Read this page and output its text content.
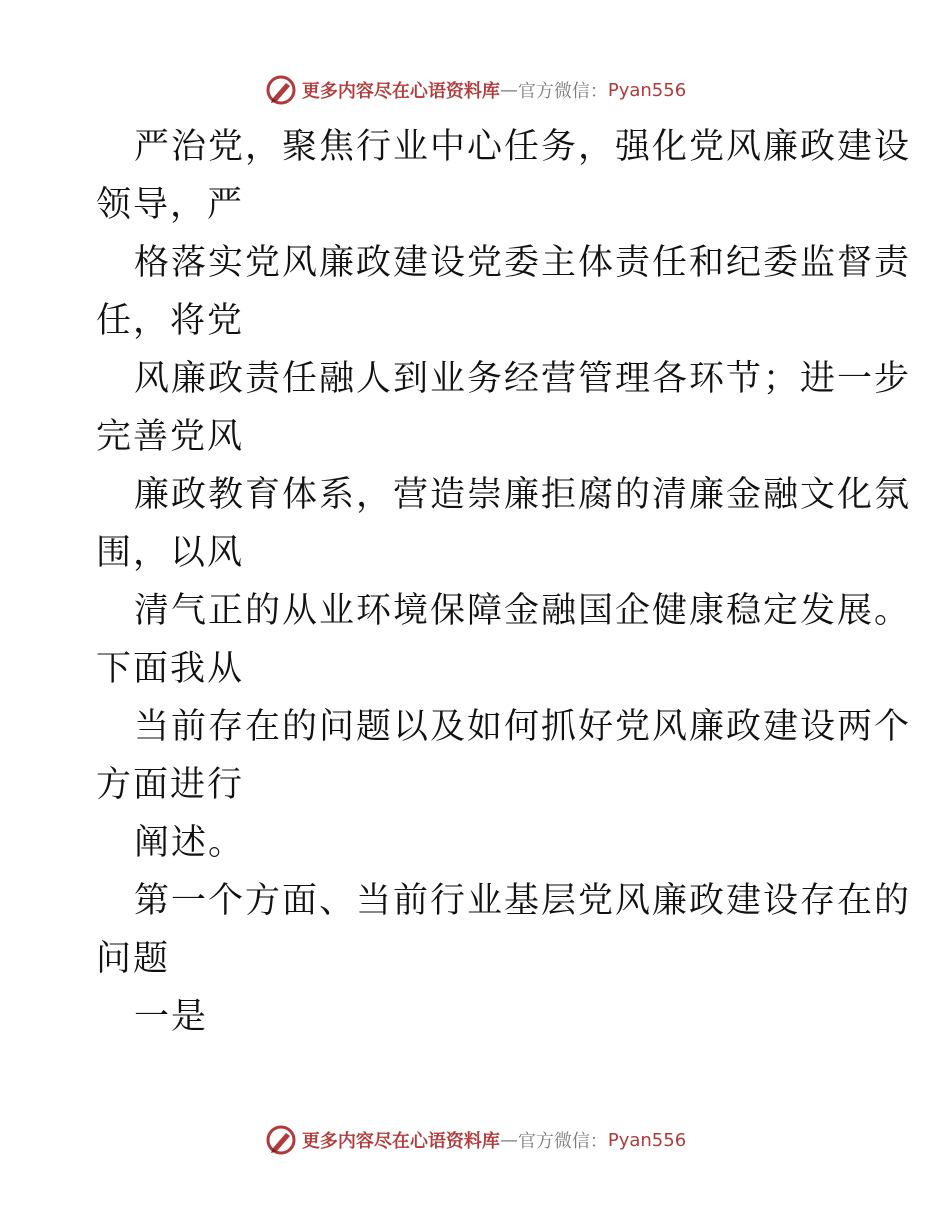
更多内容尽在心语资料库 — 官方微信： Pyan556
严治党，聚焦行业中心任务，强化党风廉政建设
领导，严
格落实党风廉政建设党委主体责任和纪委监督责
任，将党
风廉政责任融人到业务经营管理各环节；进一步
完善党风
廉政教育体系，营造崇廉拒腐的清廉金融文化氛
围，以风
清气正的从业环境保障金融国企健康稳定发展。
下面我从
当前存在的问题以及如何抓好党风廉政建设两个
方面进行
阐述。
第一个方面、当前行业基层党风廉政建设存在的
问题
一是
更多内容尽在心语资料库 — 官方微信： Pyan556
